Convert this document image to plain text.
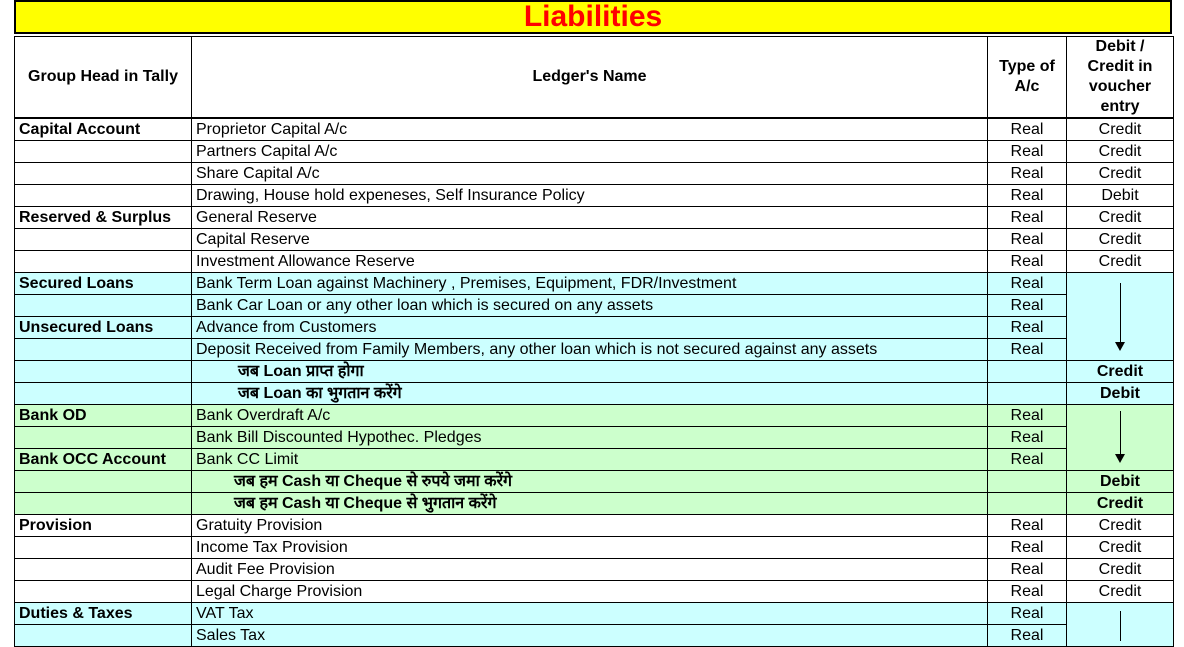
Liabilities
Group Head in Tally	Ledger's Name	Type of A/c	Debit / Credit in voucher entry
Capital Account	Proprietor Capital A/c	Real	Credit
	Partners Capital A/c	Real	Credit
	Share Capital A/c	Real	Credit
	Drawing, House hold expeneses, Self Insurance Policy	Real	Debit
Reserved & Surplus	General Reserve	Real	Credit
	Capital Reserve	Real	Credit
	Investment Allowance Reserve	Real	Credit
Secured Loans	Bank Term Loan against Machinery , Premises, Equipment, FDR/Investment	Real	

	Bank Car Loan or any other loan which is secured on any assets	Real	
Unsecured Loans	Advance from Customers	Real	
	Deposit Received from Family Members, any other loan which is not secured against any assets	Real	
	जब Loan प्राप्त होगा		Credit
	जब Loan का भुगतान करेंगे		Debit
Bank OD	Bank Overdraft A/c	Real	

	Bank Bill Discounted Hypothec. Pledges	Real	
Bank OCC Account	Bank CC Limit	Real	
	जब हम Cash या Cheque से रुपये जमा करेंगे		Debit
	जब हम Cash या Cheque से भुगतान करेंगे		Credit
Provision	Gratuity Provision	Real	Credit
	Income Tax Provision	Real	Credit
	Audit Fee Provision	Real	Credit
	Legal Charge Provision	Real	Credit
Duties & Taxes	VAT Tax	Real	

	Sales Tax	Real	
